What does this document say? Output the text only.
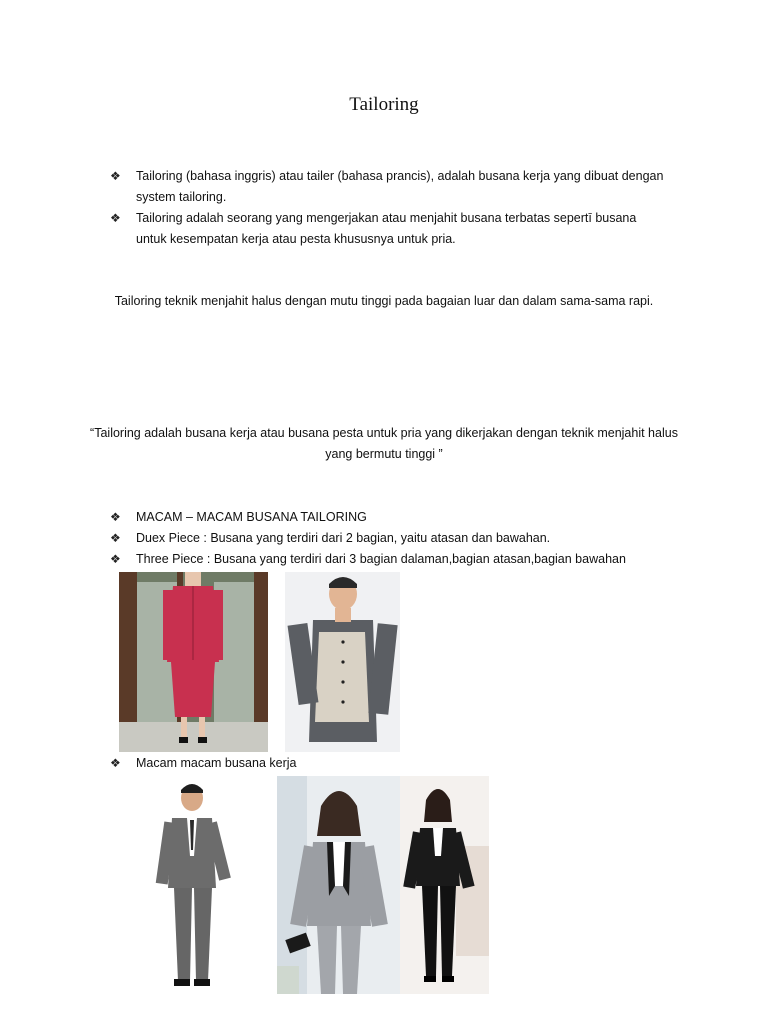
Tailoring
❖ Tailoring (bahasa inggris) atau tailer (bahasa prancis), adalah busana kerja yang dibuat dengan system tailoring.
❖ Tailoring adalah seorang yang mengerjakan atau menjahit busana terbatas sepertī busana untuk kesempatan kerja atau pesta khususnya untuk pria.
Tailoring teknik menjahit halus dengan mutu tinggi pada bagaian luar dan dalam sama-sama rapi.
“Tailoring adalah busana kerja atau busana pesta untuk pria yang dikerjakan dengan teknik menjahit halus yang bermutu tinggi ”
❖ MACAM – MACAM BUSANA TAILORING
❖ Duex Piece : Busana yang terdiri dari 2 bagian, yaitu atasan dan bawahan.
❖ Three Piece : Busana yang terdiri dari 3 bagian dalaman,bagian atasan,bagian bawahan
❖ Macam macam busana kerja
